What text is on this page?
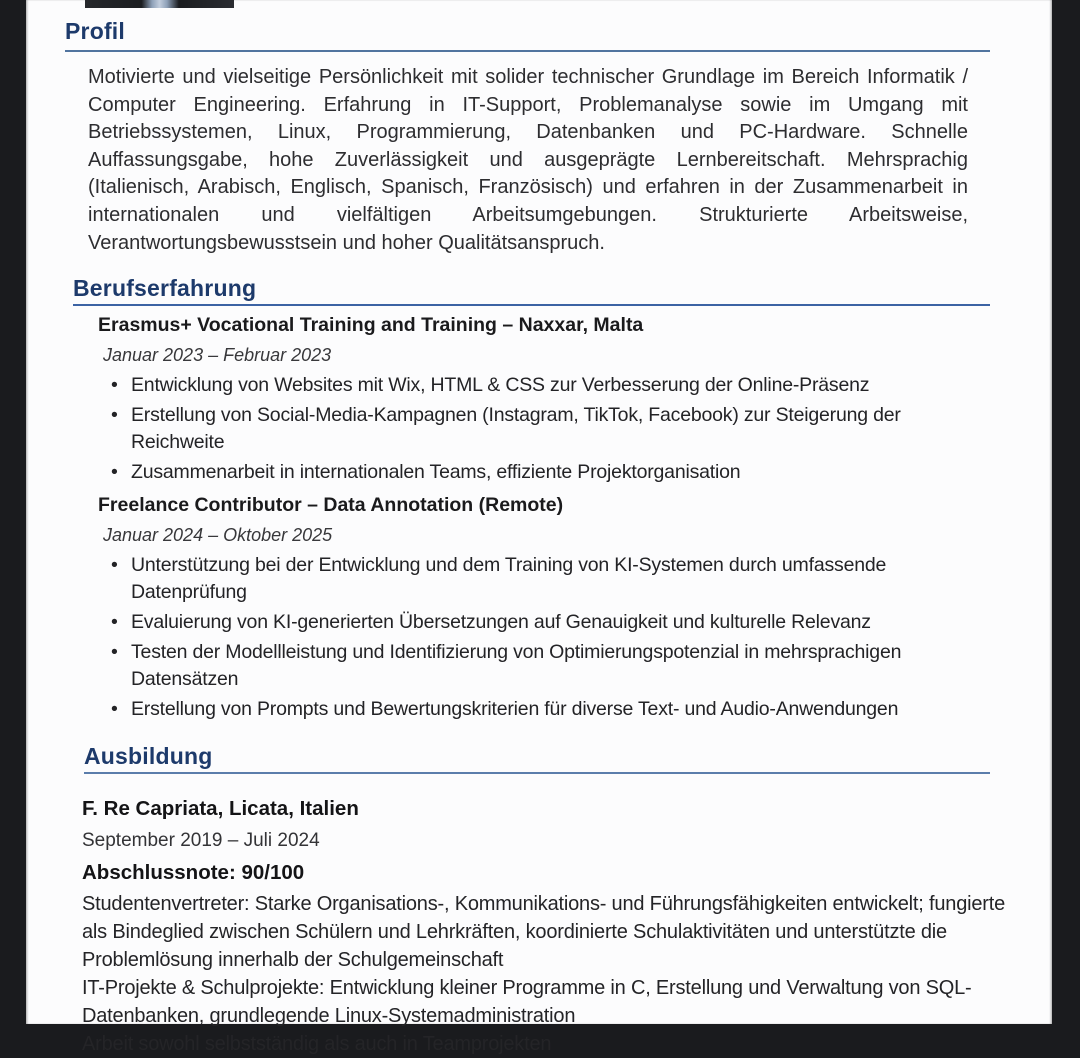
Profil

Motivierte und vielseitige Persönlichkeit mit solider technischer Grundlage im Bereich Informatik / Computer Engineering. Erfahrung in IT-Support, Problemanalyse sowie im Umgang mit Betriebssystemen, Linux, Programmierung, Datenbanken und PC-Hardware. Schnelle Auffassungsgabe, hohe Zuverlässigkeit und ausgeprägte Lernbereitschaft. Mehrsprachig (Italienisch, Arabisch, Englisch, Spanisch, Französisch) und erfahren in der Zusammenarbeit in internationalen und vielfältigen Arbeitsumgebungen. Strukturierte Arbeitsweise, Verantwortungsbewusstsein und hoher Qualitätsanspruch.

Berufserfahrung
Erasmus+ Vocational Training and Training – Naxxar, Malta
Januar 2023 – Februar 2023
• Entwicklung von Websites mit Wix, HTML & CSS zur Verbesserung der Online-Präsenz
• Erstellung von Social-Media-Kampagnen (Instagram, TikTok, Facebook) zur Steigerung der Reichweite
• Zusammenarbeit in internationalen Teams, effiziente Projektorganisation
Freelance Contributor – Data Annotation (Remote)
Januar 2024 – Oktober 2025
• Unterstützung bei der Entwicklung und dem Training von KI-Systemen durch umfassende Datenprüfung
• Evaluierung von KI-generierten Übersetzungen auf Genauigkeit und kulturelle Relevanz
• Testen der Modellleistung und Identifizierung von Optimierungspotenzial in mehrsprachigen Datensätzen
• Erstellung von Prompts und Bewertungskriterien für diverse Text- und Audio-Anwendungen
Ausbildung
F. Re Capriata, Licata, Italien
September 2019 – Juli 2024
Abschlussnote: 90/100

Studentenvertreter: Starke Organisations-, Kommunikations- und Führungsfähigkeiten entwickelt; fungierte als Bindeglied zwischen Schülern und Lehrkräften, koordinierte Schulaktivitäten und unterstützte die Problemlösung innerhalb der Schulgemeinschaft

IT-Projekte & Schulprojekte: Entwicklung kleiner Programme in C, Erstellung und Verwaltung von SQL-Datenbanken, grundlegende Linux-Systemadministration

Arbeit sowohl selbstständig als auch in Teamprojekten
